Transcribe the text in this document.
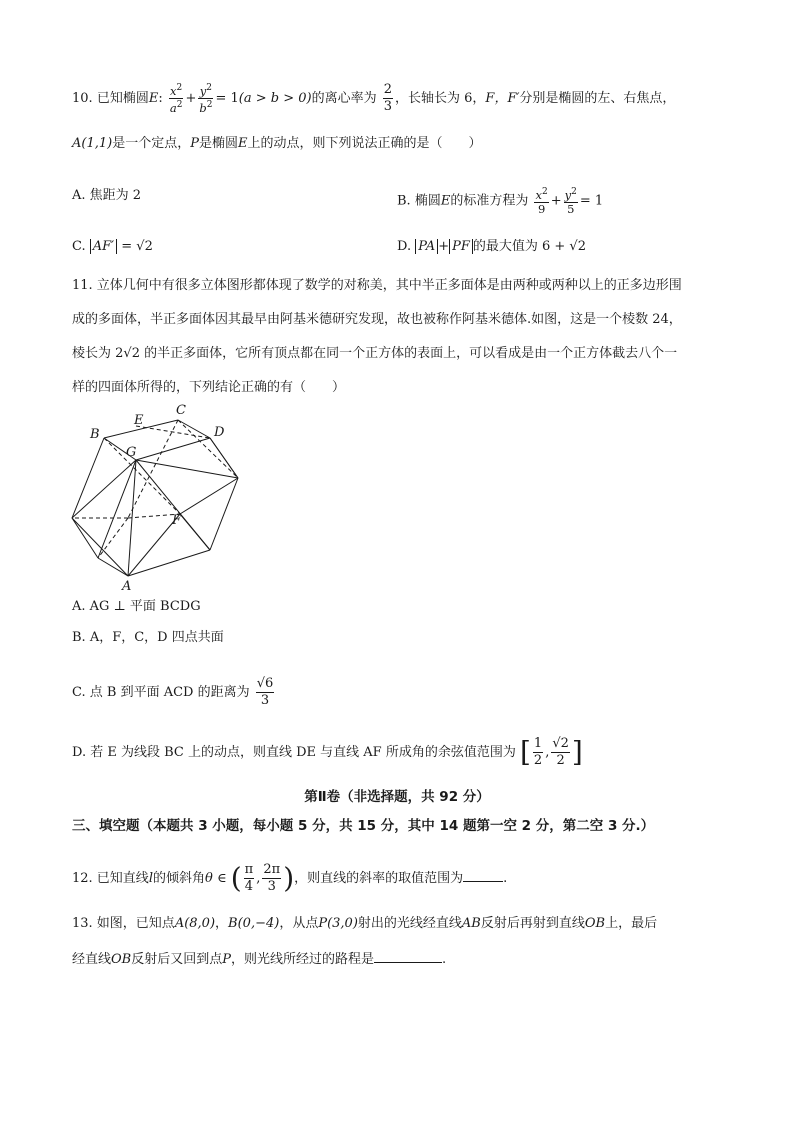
10. 已知椭圆E: $\frac{x^2}{a^2} + \frac{y^2}{b^2} = 1(a > b > 0)$的离心率为 $\frac{2}{3}$ ，长轴长为 6，F，F′分别是椭圆的左、右焦点，
A(1,1)是一个定点，P是椭圆E上的动点，则下列说法正确的是（　　）
A. 焦距为 2	B. 椭圆E的标准方程为 $\frac{x^2}{9} + \frac{y^2}{5} = 1$
C. AF′ = √2	D. PA + PF 的最大值为 6 + √2
11. 立体几何中有很多立体图形都体现了数学的对称美，其中半正多面体是由两种或两种以上的正多边形围
成的多面体，半正多面体因其最早由阿基米德研究发现，故也被称作阿基米德体.如图，这是一个棱数 24，
棱长为 2√2 的半正多面体，它所有顶点都在同一个正方体的表面上，可以看成是由一个正方体截去八个一
样的四面体所得的，下列结论正确的有（　　）
B
E
C
D
G
F
A
A. AG ⊥ 平面 BCDG
B. A，F，C，D 四点共面
C. 点 B 到平面 ACD 的距离为 $\frac{√6}{3}$
D. 若 E 为线段 BC 上的动点，则直线 DE 与直线 AF 所成角的余弦值范围为 [ $\frac{1}{2}$ , $\frac{√2}{2}$ ]
第Ⅱ卷（非选择题，共 92 分）
三、填空题（本题共 3 小题，每小题 5 分，共 15 分，其中 14 题第一空 2 分，第二空 3 分.）
12. 已知直线l的倾斜角θ ∈ ( $\frac{\pi}{4}$ , $\frac{2\pi}{3}$ )，则直线的斜率的取值范围为	.
13. 如图，已知点A(8,0)，B(0,−4)，从点P(3,0)射出的光线经直线AB反射后再射到直线OB上，最后
经直线OB反射后又回到点P，则光线所经过的路程是	.
